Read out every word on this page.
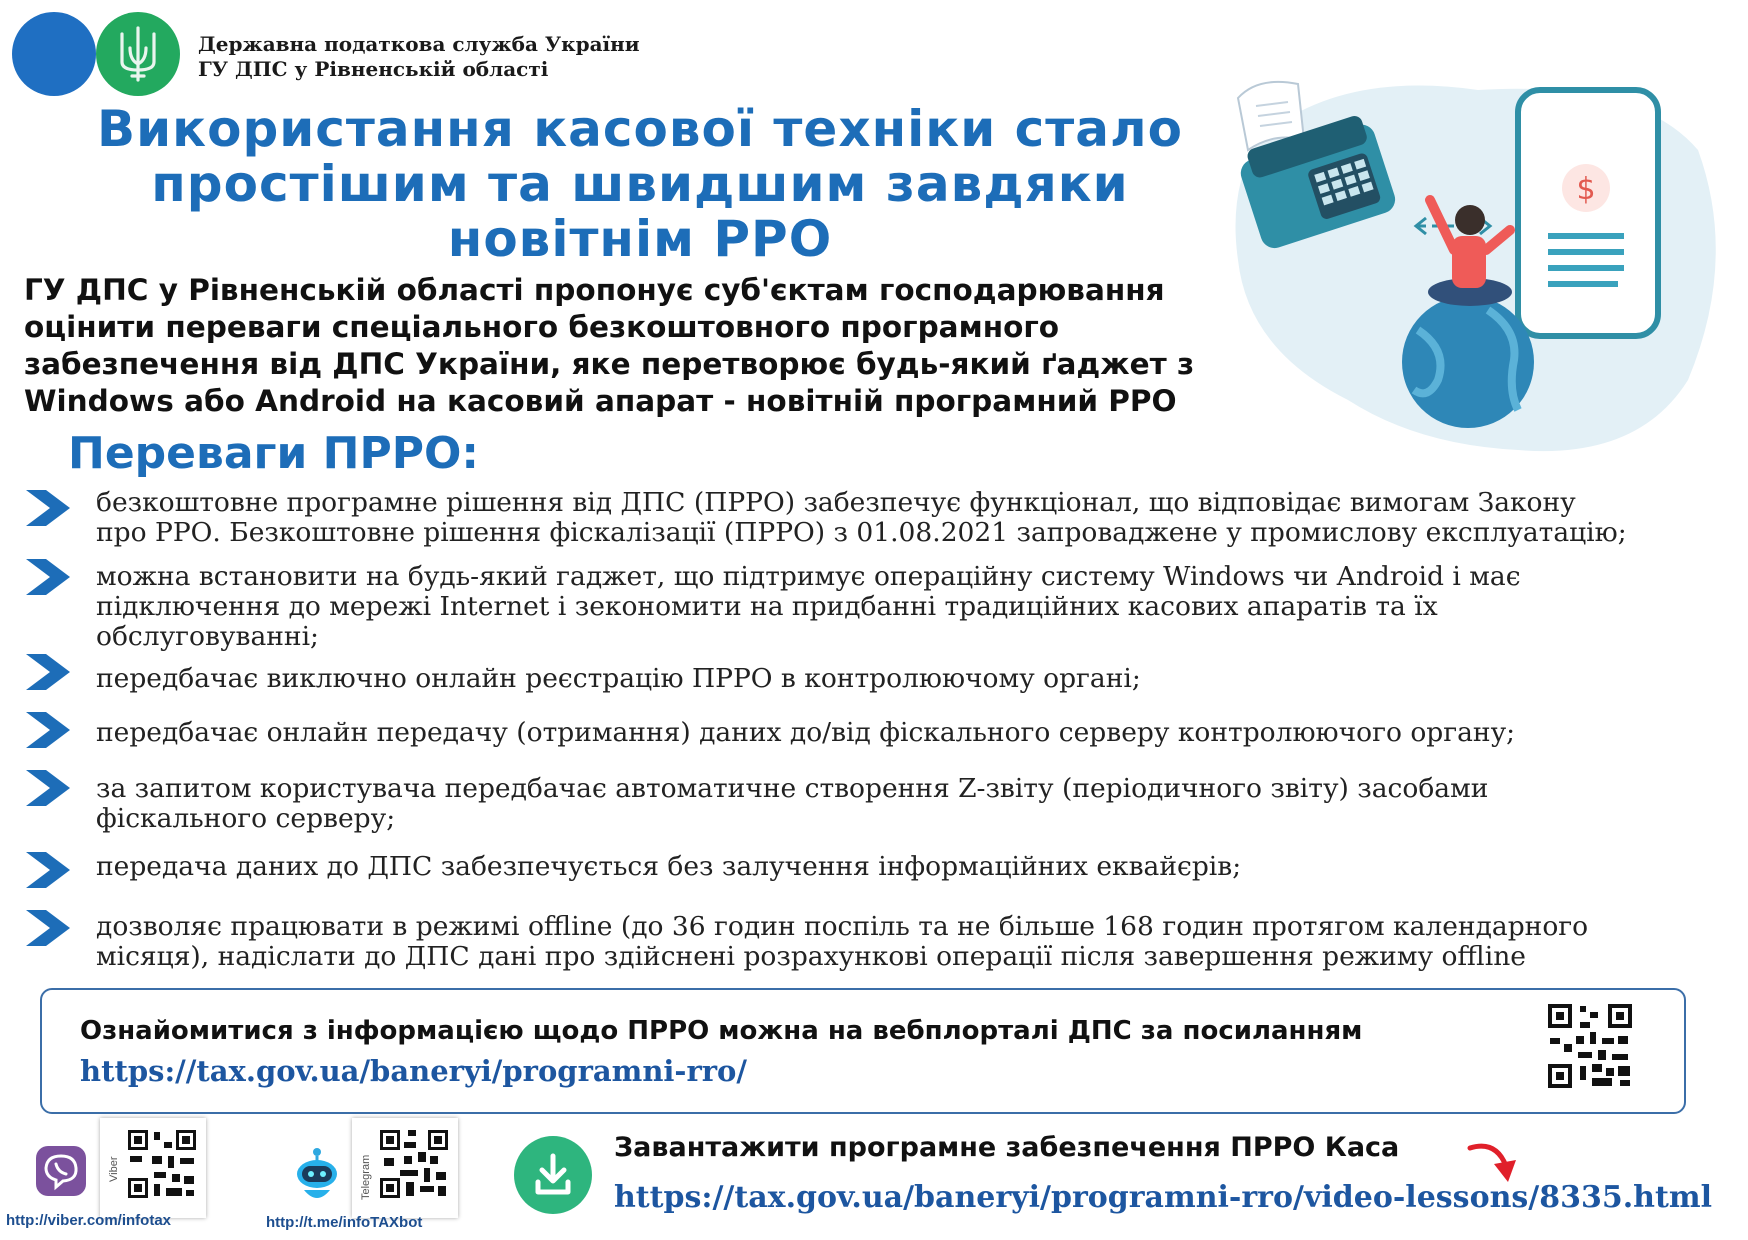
Державна податкова служба України
ГУ ДПС у Рівненській області
$
Використання касової техніки стало
простішим та швидшим завдяки
новітнім РРО
ГУ ДПС у Рівненській області пропонує суб'єктам господарювання
оцінити переваги спеціального безкоштовного програмного
забезпечення від ДПС України, яке перетворює будь-який ґаджет з
Windows або Android на касовий апарат - новітній програмний РРО
Переваги ПРРО:
безкоштовне програмне рішення від ДПС (ПРРО) забезпечує функціонал, що відповідає вимогам Закону
про РРО. Безкоштовне рішення фіскалізації (ПРРО) з 01.08.2021 запроваджене у промислову експлуатацію;
можна встановити на будь-який гаджет, що підтримує операційну систему Windows чи Android і має
підключення до мережі Internet і зекономити на придбанні традиційних касових апаратів та їх
обслуговуванні;
передбачає виключно онлайн реєстрацію ПРРО в контролюючому органі;
передбачає онлайн передачу (отримання) даних до/від фіскального серверу контролюючого органу;
за запитом користувача передбачає автоматичне створення Z-звіту (періодичного звіту) засобами
фіскального серверу;
передача даних до ДПС забезпечується без залучення інформаційних еквайєрів;
дозволяє працювати в режимі offline (до 36 годин поспіль та не більше 168 годин протягом календарного
місяця), надіслати до ДПС дані про здійснені розрахункові операції після завершення режиму offline
Ознайомитися з інформацією щодо ПРРО можна на вебплорталі ДПС за посиланням
https://tax.gov.ua/baneryi/programni-rro/
Viber
http://viber.com/infotax
Telegram
http://t.me/infoTAXbot
Завантажити програмне забезпечення ПРРО Каса
https://tax.gov.ua/baneryi/programni-rro/video-lessons/8335.html
